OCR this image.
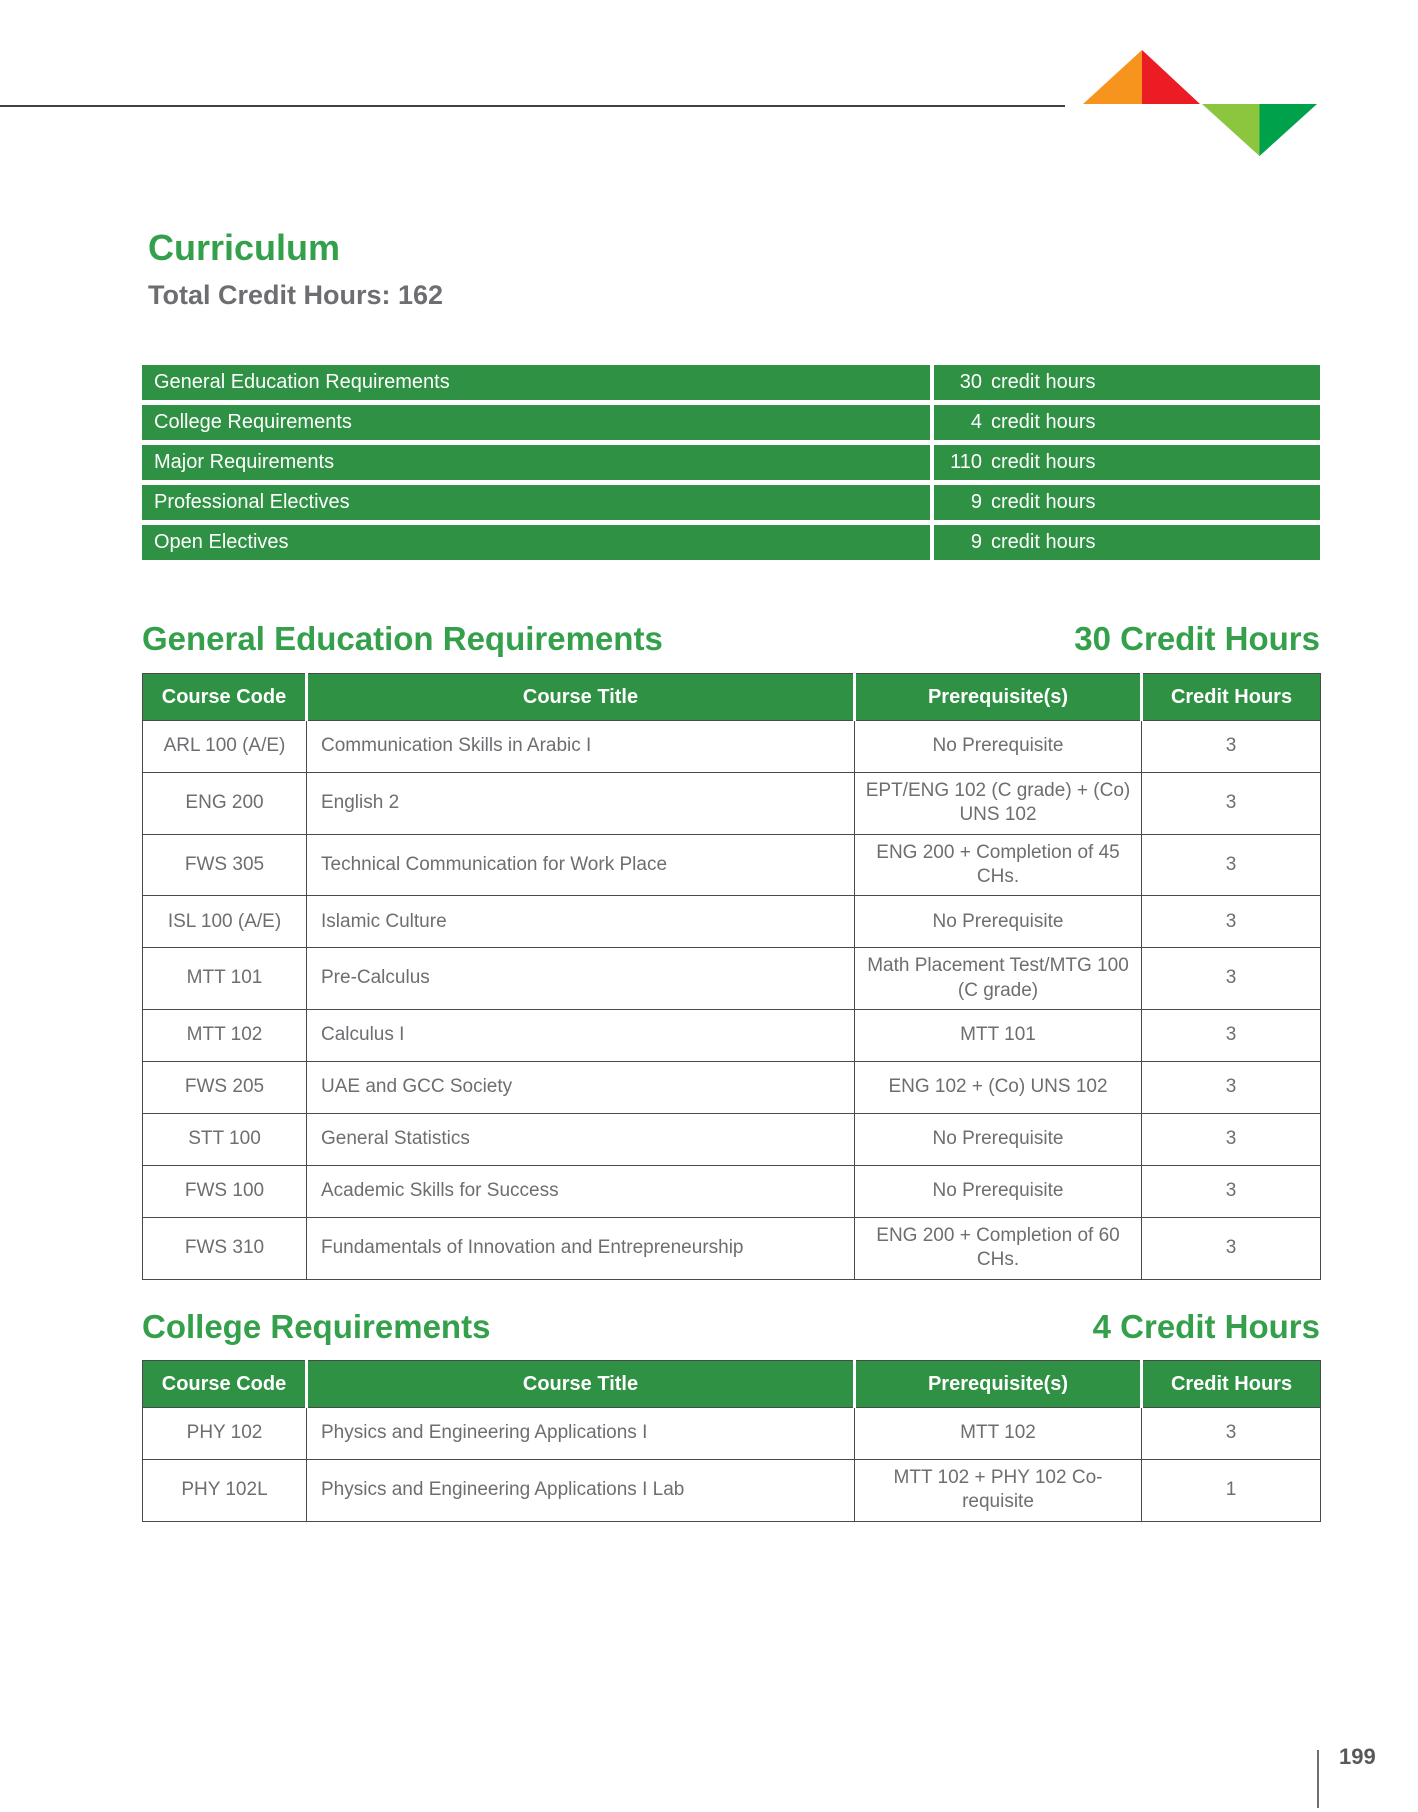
Curriculum
Total Credit Hours: 162
General Education Requirements	30 credit hours
College Requirements	4 credit hours
Major Requirements	110 credit hours
Professional Electives	9 credit hours
Open Electives	9 credit hours
General Education Requirements	30 Credit Hours
Course Code	Course Title	Prerequisite(s)	Credit Hours
ARL 100 (A/E)	Communication Skills in Arabic I	No Prerequisite	3
ENG 200	English 2	EPT/ENG 102 (C grade) + (Co) UNS 102	3
FWS 305	Technical Communication for Work Place	ENG 200 + Completion of 45 CHs.	3
ISL 100 (A/E)	Islamic Culture	No Prerequisite	3
MTT 101	Pre-Calculus	Math Placement Test/MTG 100 (C grade)	3
MTT 102	Calculus I	MTT 101	3
FWS 205	UAE and GCC Society	ENG 102 + (Co) UNS 102	3
STT 100	General Statistics	No Prerequisite	3
FWS 100	Academic Skills for Success	No Prerequisite	3
FWS 310	Fundamentals of Innovation and Entrepreneurship	ENG 200 + Completion of 60 CHs.	3
College Requirements	4 Credit Hours
Course Code	Course Title	Prerequisite(s)	Credit Hours
PHY 102	Physics and Engineering Applications I	MTT 102	3
PHY 102L	Physics and Engineering Applications I Lab	MTT 102 + PHY 102 Co-requisite	1
199
